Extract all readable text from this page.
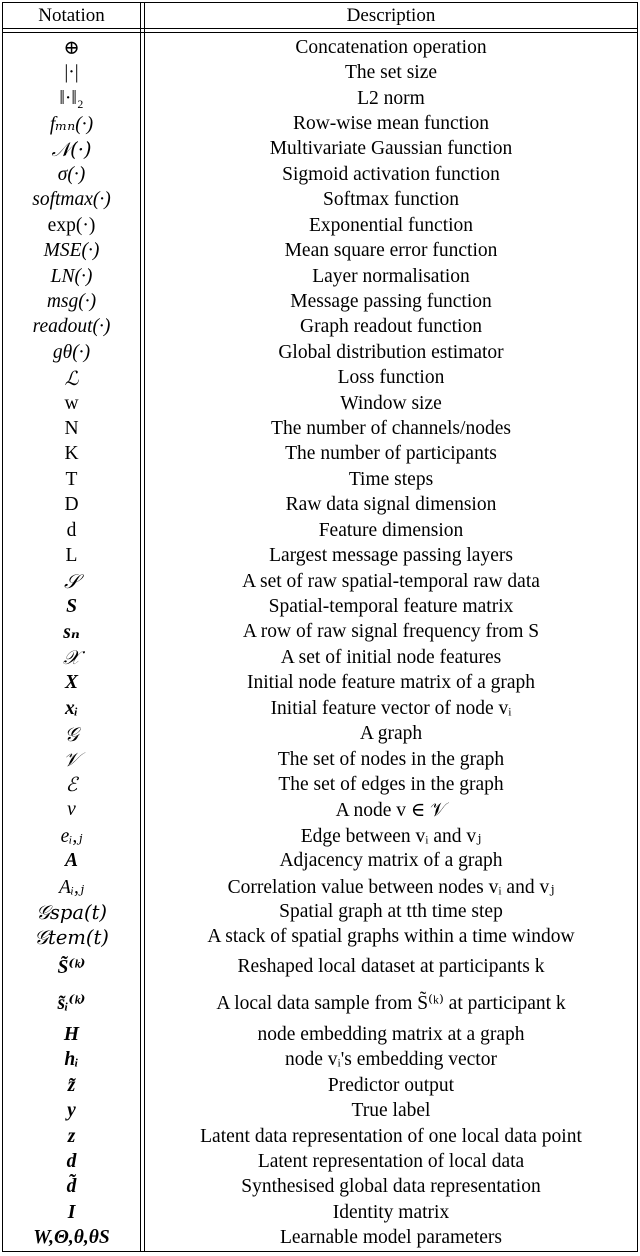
Notation	Description
⊕	Concatenation operation
|·|	The set size
‖·‖₂	L2 norm
fₘₙ(·)	Row-wise mean function
𝒩(·)	Multivariate Gaussian function
σ(·)	Sigmoid activation function
softmax(·)	Softmax function
exp(·)	Exponential function
MSE(·)	Mean square error function
LN(·)	Layer normalisation
msg(·)	Message passing function
readout(·)	Graph readout function
gθ(·)	Global distribution estimator
ℒ	Loss function
w	Window size
N	The number of channels/nodes
K	The number of participants
T	Time steps
D	Raw data signal dimension
d	Feature dimension
L	Largest message passing layers
𝒮	A set of raw spatial-temporal raw data
S	Spatial-temporal feature matrix
sₙ	A row of raw signal frequency from S
𝒳	A set of initial node features
X	Initial node feature matrix of a graph
xᵢ	Initial feature vector of node vᵢ
𝒢	A graph
𝒱	The set of nodes in the graph
ℰ	The set of edges in the graph
v	A node v ∈ 𝒱
eᵢ,ⱼ	Edge between vᵢ and vⱼ
A	Adjacency matrix of a graph
Aᵢ,ⱼ	Correlation value between nodes vᵢ and vⱼ
𝒢spa(t)	Spatial graph at tth time step
𝒢tem(t)	A stack of spatial graphs within a time window
S̃⁽ᵏ⁾	Reshaped local dataset at participants k
s̃ᵢ⁽ᵏ⁾	A local data sample from S̃⁽ᵏ⁾ at participant k
H	node embedding matrix at a graph
hᵢ	node vᵢ's embedding vector
z̃	Predictor output
y	True label
z	Latent data representation of one local data point
d	Latent representation of local data
d̃	Synthesised global data representation
I	Identity matrix
W,Θ,θ,θS	Learnable model parameters
